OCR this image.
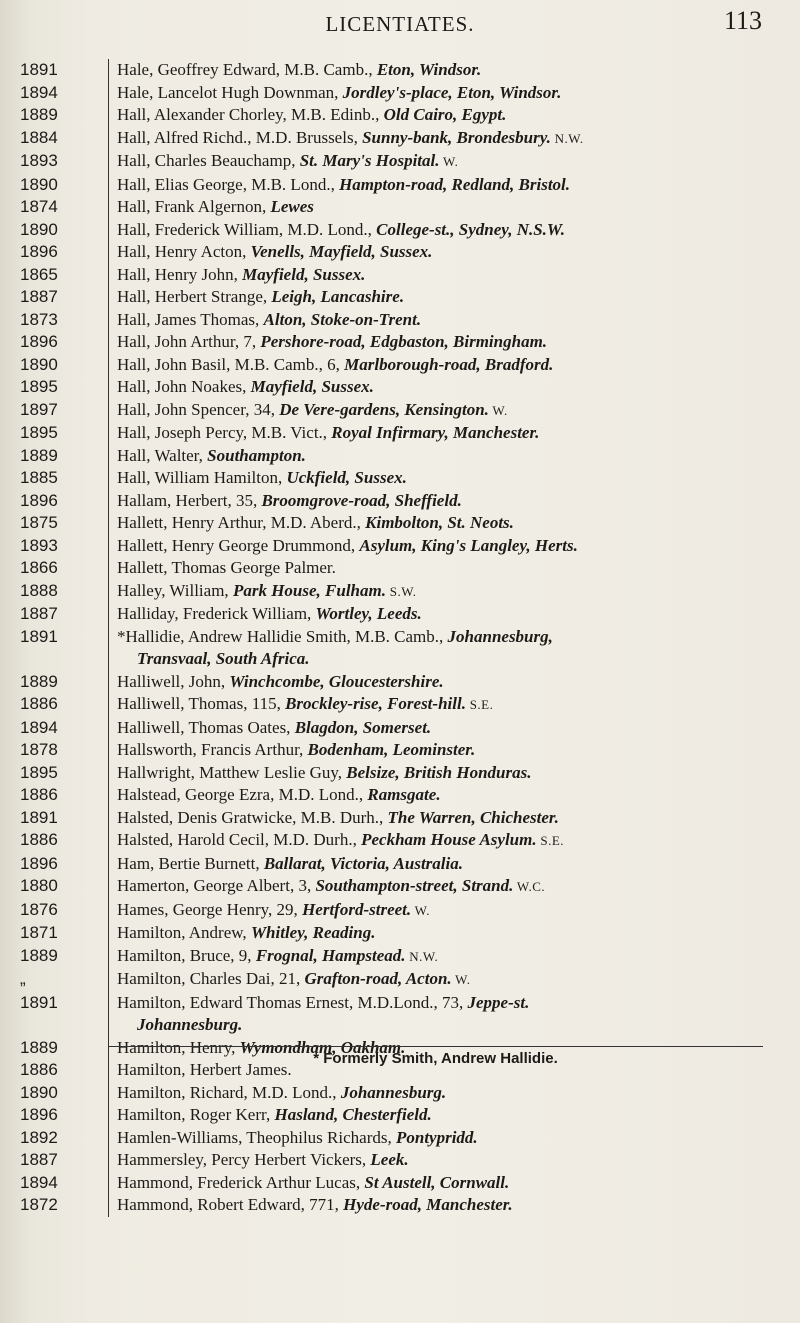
LICENTIATES.	113
1891	Hale, Geoffrey Edward, M.B. Camb., Eton, Windsor.
1894	Hale, Lancelot Hugh Downman, Jordley's-place, Eton, Windsor.
1889	Hall, Alexander Chorley, M.B. Edinb., Old Cairo, Egypt.
1884	Hall, Alfred Richd., M.D. Brussels, Sunny-bank, Brondesbury. N.W.
1893	Hall, Charles Beauchamp, St. Mary's Hospital. W.
1890	Hall, Elias George, M.B. Lond., Hampton-road, Redland, Bristol.
1874	Hall, Frank Algernon, Lewes
1890	Hall, Frederick William, M.D. Lond., College-st., Sydney, N.S.W.
1896	Hall, Henry Acton, Venells, Mayfield, Sussex.
1865	Hall, Henry John, Mayfield, Sussex.
1887	Hall, Herbert Strange, Leigh, Lancashire.
1873	Hall, James Thomas, Alton, Stoke-on-Trent.
1896	Hall, John Arthur, 7, Pershore-road, Edgbaston, Birmingham.
1890	Hall, John Basil, M.B. Camb., 6, Marlborough-road, Bradford.
1895	Hall, John Noakes, Mayfield, Sussex.
1897	Hall, John Spencer, 34, De Vere-gardens, Kensington. W.
1895	Hall, Joseph Percy, M.B. Vict., Royal Infirmary, Manchester.
1889	Hall, Walter, Southampton.
1885	Hall, William Hamilton, Uckfield, Sussex.
1896	Hallam, Herbert, 35, Broomgrove-road, Sheffield.
1875	Hallett, Henry Arthur, M.D. Aberd., Kimbolton, St. Neots.
1893	Hallett, Henry George Drummond, Asylum, King's Langley, Herts.
1866	Hallett, Thomas George Palmer.
1888	Halley, William, Park House, Fulham. S.W.
1887	Halliday, Frederick William, Wortley, Leeds.
1891	*Hallidie, Andrew Hallidie Smith, M.B. Camb., Johannesburg,
Transvaal, South Africa.
1889	Halliwell, John, Winchcombe, Gloucestershire.
1886	Halliwell, Thomas, 115, Brockley-rise, Forest-hill. S.E.
1894	Halliwell, Thomas Oates, Blagdon, Somerset.
1878	Hallsworth, Francis Arthur, Bodenham, Leominster.
1895	Hallwright, Matthew Leslie Guy, Belsize, British Honduras.
1886	Halstead, George Ezra, M.D. Lond., Ramsgate.
1891	Halsted, Denis Gratwicke, M.B. Durh., The Warren, Chichester.
1886	Halsted, Harold Cecil, M.D. Durh., Peckham House Asylum. S.E.
1896	Ham, Bertie Burnett, Ballarat, Victoria, Australia.
1880	Hamerton, George Albert, 3, Southampton-street, Strand. W.C.
1876	Hames, George Henry, 29, Hertford-street. W.
1871	Hamilton, Andrew, Whitley, Reading.
1889	Hamilton, Bruce, 9, Frognal, Hampstead. N.W.
„	Hamilton, Charles Dai, 21, Grafton-road, Acton. W.
1891	Hamilton, Edward Thomas Ernest, M.D.Lond., 73, Jeppe-st.
Johannesburg.
1889	Hamilton, Henry, Wymondham, Oakham.
1886	Hamilton, Herbert James.
1890	Hamilton, Richard, M.D. Lond., Johannesburg.
1896	Hamilton, Roger Kerr, Hasland, Chesterfield.
1892	Hamlen-Williams, Theophilus Richards, Pontypridd.
1887	Hammersley, Percy Herbert Vickers, Leek.
1894	Hammond, Frederick Arthur Lucas, St Austell, Cornwall.
1872	Hammond, Robert Edward, 771, Hyde-road, Manchester.
* Formerly Smith, Andrew Hallidie.
